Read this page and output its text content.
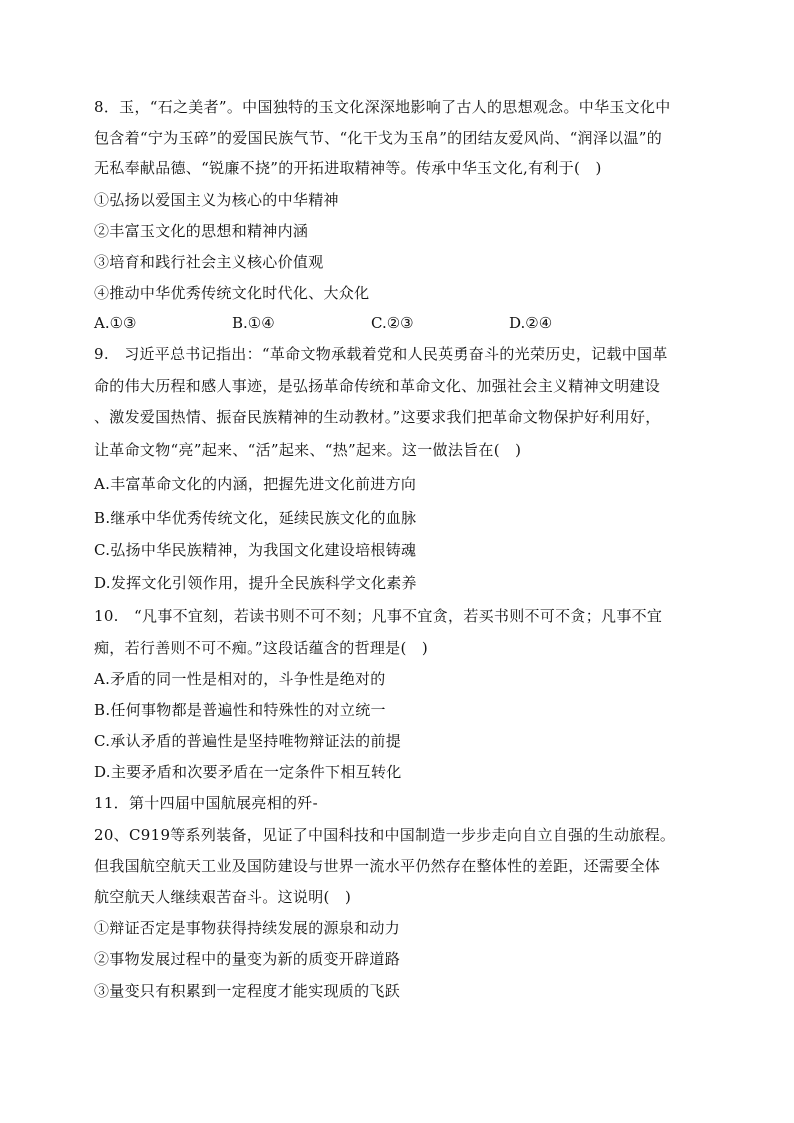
8．玉，“石之美者”。中国独特的玉文化深深地影响了古人的思想观念。中华玉文化中
包含着“宁为玉碎”的爱国民族气节、“化干戈为玉帛”的团结友爱风尚、“润泽以温”的
无私奉献品德、“锐廉不挠”的开拓进取精神等。传承中华玉文化,有利于(　)
①弘扬以爱国主义为核心的中华精神
②丰富玉文化的思想和精神内涵
③培育和践行社会主义核心价值观
④推动中华优秀传统文化时代化、大众化
A.①③	B.①④	C.②③	D.②④
9.　习近平总书记指出：“革命文物承载着党和人民英勇奋斗的光荣历史，记载中国革
命的伟大历程和感人事迹，是弘扬革命传统和革命文化、加强社会主义精神文明建设
、激发爱国热情、振奋民族精神的生动教材。”这要求我们把革命文物保护好利用好，
让革命文物“亮”起来、“活”起来、“热”起来。这一做法旨在(　)
A.丰富革命文化的内涵，把握先进文化前进方向
B.继承中华优秀传统文化，延续民族文化的血脉
C.弘扬中华民族精神，为我国文化建设培根铸魂
D.发挥文化引领作用，提升全民族科学文化素养
10.　“凡事不宜刻，若读书则不可不刻；凡事不宜贪，若买书则不可不贪；凡事不宜
痴，若行善则不可不痴。”这段话蕴含的哲理是(　)
A.矛盾的同一性是相对的，斗争性是绝对的
B.任何事物都是普遍性和特殊性的对立统一
C.承认矛盾的普遍性是坚持唯物辩证法的前提
D.主要矛盾和次要矛盾在一定条件下相互转化
11．第十四届中国航展亮相的歼-
20、C919等系列装备，见证了中国科技和中国制造一步步走向自立自强的生动旅程。
但我国航空航天工业及国防建设与世界一流水平仍然存在整体性的差距，还需要全体
航空航天人继续艰苦奋斗。这说明(　)
①辩证否定是事物获得持续发展的源泉和动力
②事物发展过程中的量变为新的质变开辟道路
③量变只有积累到一定程度才能实现质的飞跃
